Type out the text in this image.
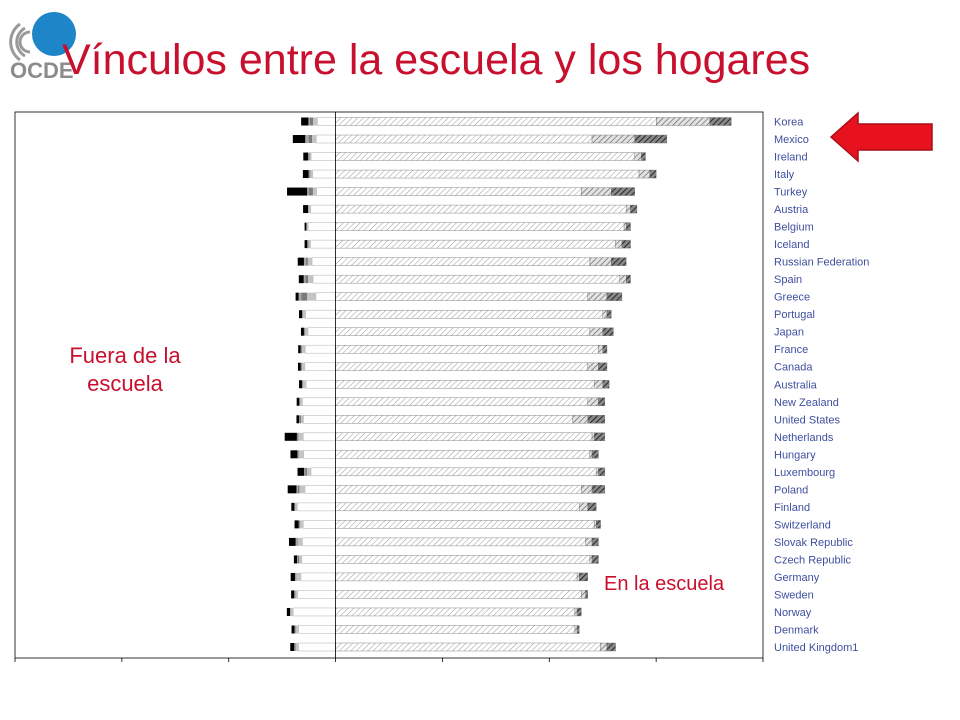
OCDE
Vínculos entre la escuela y los hogares
Korea
Mexico
Ireland
Italy
Turkey
Austria
Belgium
Iceland
Russian Federation
Spain
Greece
Portugal
Japan
France
Canada
Australia
New Zealand
United States
Netherlands
Hungary
Luxembourg
Poland
Finland
Switzerland
Slovak Republic
Czech Republic
Germany
Sweden
Norway
Denmark
United Kingdom1
Fuera de la escuela
En la escuela
